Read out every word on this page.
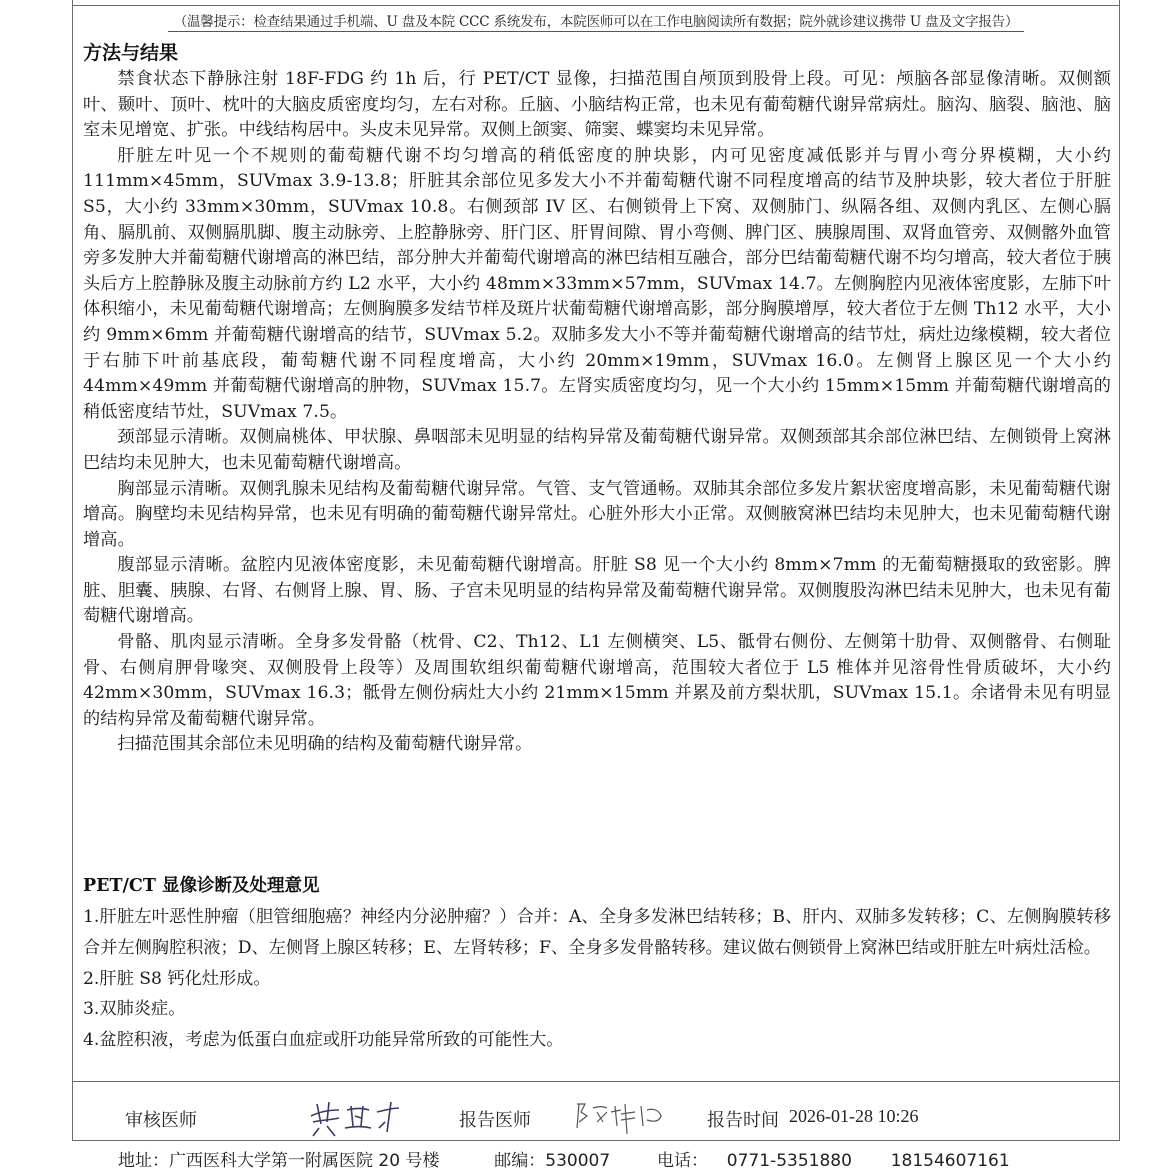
（温馨提示：检查结果通过手机端、U 盘及本院 CCC 系统发布，本院医师可以在工作电脑阅读所有数据；院外就诊建议携带 U 盘及文字报告）
方法与结果

禁食状态下静脉注射 18F-FDG 约 1h 后，行 PET/CT 显像，扫描范围自颅顶到股骨上段。可见：颅脑各部显像清晰。双侧额叶、颞叶、顶叶、枕叶的大脑皮质密度均匀，左右对称。丘脑、小脑结构正常，也未见有葡萄糖代谢异常病灶。脑沟、脑裂、脑池、脑室未见增宽、扩张。中线结构居中。头皮未见异常。双侧上颌窦、筛窦、蝶窦均未见异常。

肝脏左叶见一个不规则的葡萄糖代谢不均匀增高的稍低密度的肿块影，内可见密度减低影并与胃小弯分界模糊，大小约 111mm×45mm，SUVmax 3.9-13.8；肝脏其余部位见多发大小不并葡萄糖代谢不同程度增高的结节及肿块影，较大者位于肝脏 S5，大小约 33mm×30mm，SUVmax 10.8。右侧颈部 IV 区、右侧锁骨上下窝、双侧肺门、纵隔各组、双侧内乳区、左侧心膈角、膈肌前、双侧膈肌脚、腹主动脉旁、上腔静脉旁、肝门区、肝胃间隙、胃小弯侧、脾门区、胰腺周围、双肾血管旁、双侧髂外血管旁多发肿大并葡萄糖代谢增高的淋巴结，部分肿大并葡萄代谢增高的淋巴结相互融合，部分巴结葡萄糖代谢不均匀增高，较大者位于胰头后方上腔静脉及腹主动脉前方约 L2 水平，大小约 48mm×33mm×57mm，SUVmax 14.7。左侧胸腔内见液体密度影，左肺下叶体积缩小，未见葡萄糖代谢增高；左侧胸膜多发结节样及斑片状葡萄糖代谢增高影，部分胸膜增厚，较大者位于左侧 Th12 水平，大小约 9mm×6mm 并葡萄糖代谢增高的结节，SUVmax 5.2。双肺多发大小不等并葡萄糖代谢增高的结节灶，病灶边缘模糊，较大者位于右肺下叶前基底段，葡萄糖代谢不同程度增高，大小约 20mm×19mm，SUVmax 16.0。左侧肾上腺区见一个大小约 44mm×49mm 并葡萄糖代谢增高的肿物，SUVmax 15.7。左肾实质密度均匀，见一个大小约 15mm×15mm 并葡萄糖代谢增高的稍低密度结节灶，SUVmax 7.5。

颈部显示清晰。双侧扁桃体、甲状腺、鼻咽部未见明显的结构异常及葡萄糖代谢异常。双侧颈部其余部位淋巴结、左侧锁骨上窝淋巴结均未见肿大，也未见葡萄糖代谢增高。

胸部显示清晰。双侧乳腺未见结构及葡萄糖代谢异常。气管、支气管通畅。双肺其余部位多发片絮状密度增高影，未见葡萄糖代谢增高。胸壁均未见结构异常，也未见有明确的葡萄糖代谢异常灶。心脏外形大小正常。双侧腋窝淋巴结均未见肿大，也未见葡萄糖代谢增高。

腹部显示清晰。盆腔内见液体密度影，未见葡萄糖代谢增高。肝脏 S8 见一个大小约 8mm×7mm 的无葡萄糖摄取的致密影。脾脏、胆囊、胰腺、右肾、右侧肾上腺、胃、肠、子宫未见明显的结构异常及葡萄糖代谢异常。双侧腹股沟淋巴结未见肿大，也未见有葡萄糖代谢增高。

骨骼、肌肉显示清晰。全身多发骨骼（枕骨、C2、Th12、L1 左侧横突、L5、骶骨右侧份、左侧第十肋骨、双侧髂骨、右侧耻骨、右侧肩胛骨喙突、双侧股骨上段等）及周围软组织葡萄糖代谢增高，范围较大者位于 L5 椎体并见溶骨性骨质破坏，大小约 42mm×30mm，SUVmax 16.3；骶骨左侧份病灶大小约 21mm×15mm 并累及前方梨状肌，SUVmax 15.1。余诸骨未见有明显的结构异常及葡萄糖代谢异常。

扫描范围其余部位未见明确的结构及葡萄糖代谢异常。

PET/CT 显像诊断及处理意见
1.肝脏左叶恶性肿瘤（胆管细胞癌？神经内分泌肿瘤？）合并：A、全身多发淋巴结转移；B、肝内、双肺多发转移；C、左侧胸膜转移合并左侧胸腔积液；D、左侧肾上腺区转移；E、左肾转移；F、全身多发骨骼转移。建议做右侧锁骨上窝淋巴结或肝脏左叶病灶活检。
2.肝脏 S8 钙化灶形成。
3.双肺炎症。
4.盆腔积液，考虑为低蛋白血症或肝功能异常所致的可能性大。
审核医师	报告医师	报告时间 2026-01-28 10:26
地址：广西医科大学第一附属医院 20 号楼	邮编：530007	电话： 0771-5351880 18154607161
